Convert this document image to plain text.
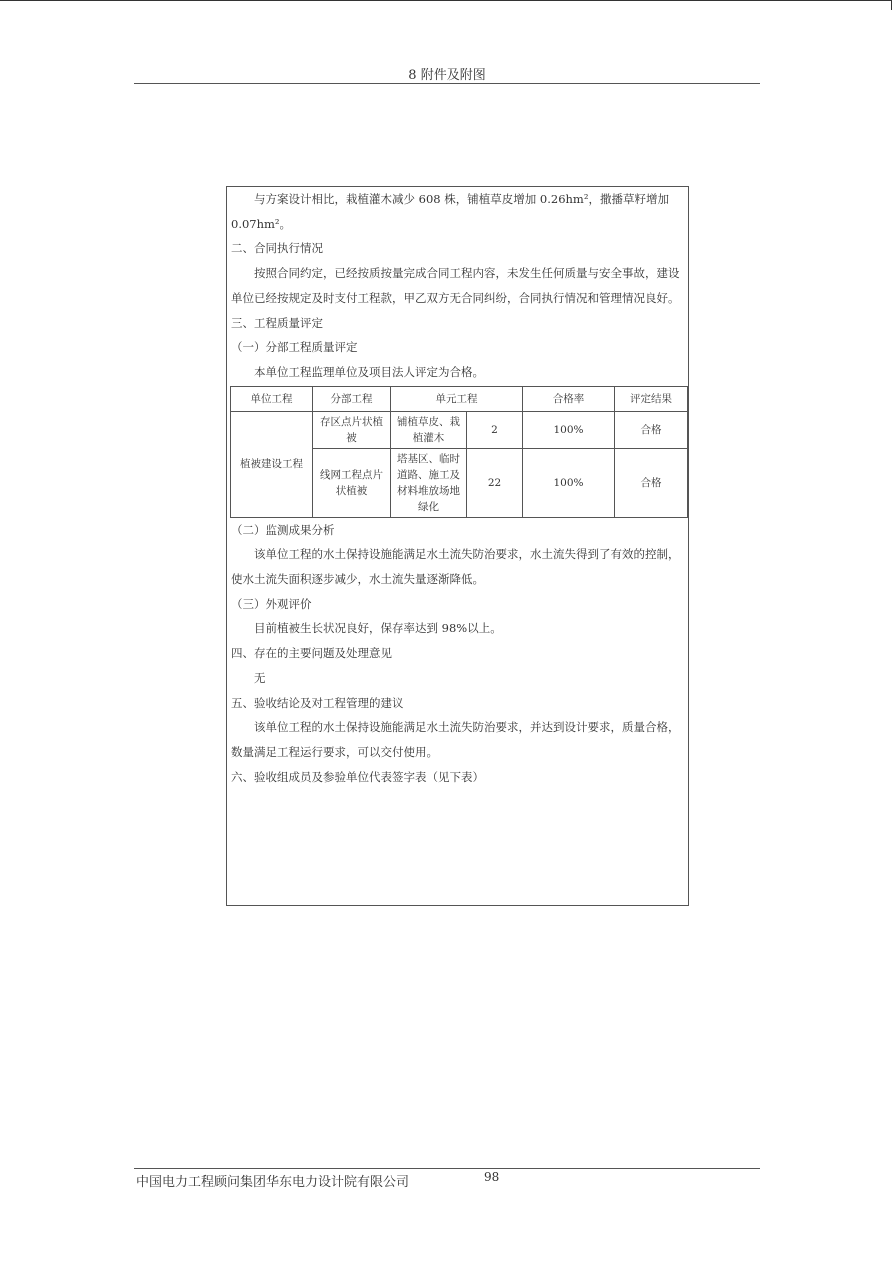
8 附件及附图

与方案设计相比，栽植灌木减少 608 株，铺植草皮增加 0.26hm²，撒播草籽增加 0.07hm²。

二、合同执行情况

按照合同约定，已经按质按量完成合同工程内容，未发生任何质量与安全事故，建设单位已经按规定及时支付工程款，甲乙双方无合同纠纷，合同执行情况和管理情况良好。

三、工程质量评定

（一）分部工程质量评定

本单位工程监理单位及项目法人评定为合格。

单位工程	分部工程	单元工程		合格率	评定结果
植被建设工程	存区点片状植被	铺植草皮、栽植灌木	2	100%	合格
	线网工程点片状植被	塔基区、临时道路、施工及材料堆放场地绿化	22	100%	合格

（二）监测成果分析

该单位工程的水土保持设施能满足水土流失防治要求，水土流失得到了有效的控制，使水土流失面积逐步减少，水土流失量逐渐降低。

（三）外观评价

目前植被生长状况良好，保存率达到 98%以上。

四、存在的主要问题及处理意见

无

五、验收结论及对工程管理的建议

该单位工程的水土保持设施能满足水土流失防治要求，并达到设计要求，质量合格，数量满足工程运行要求，可以交付使用。

六、验收组成员及参验单位代表签字表（见下表）

中国电力工程顾问集团华东电力设计院有限公司	98
